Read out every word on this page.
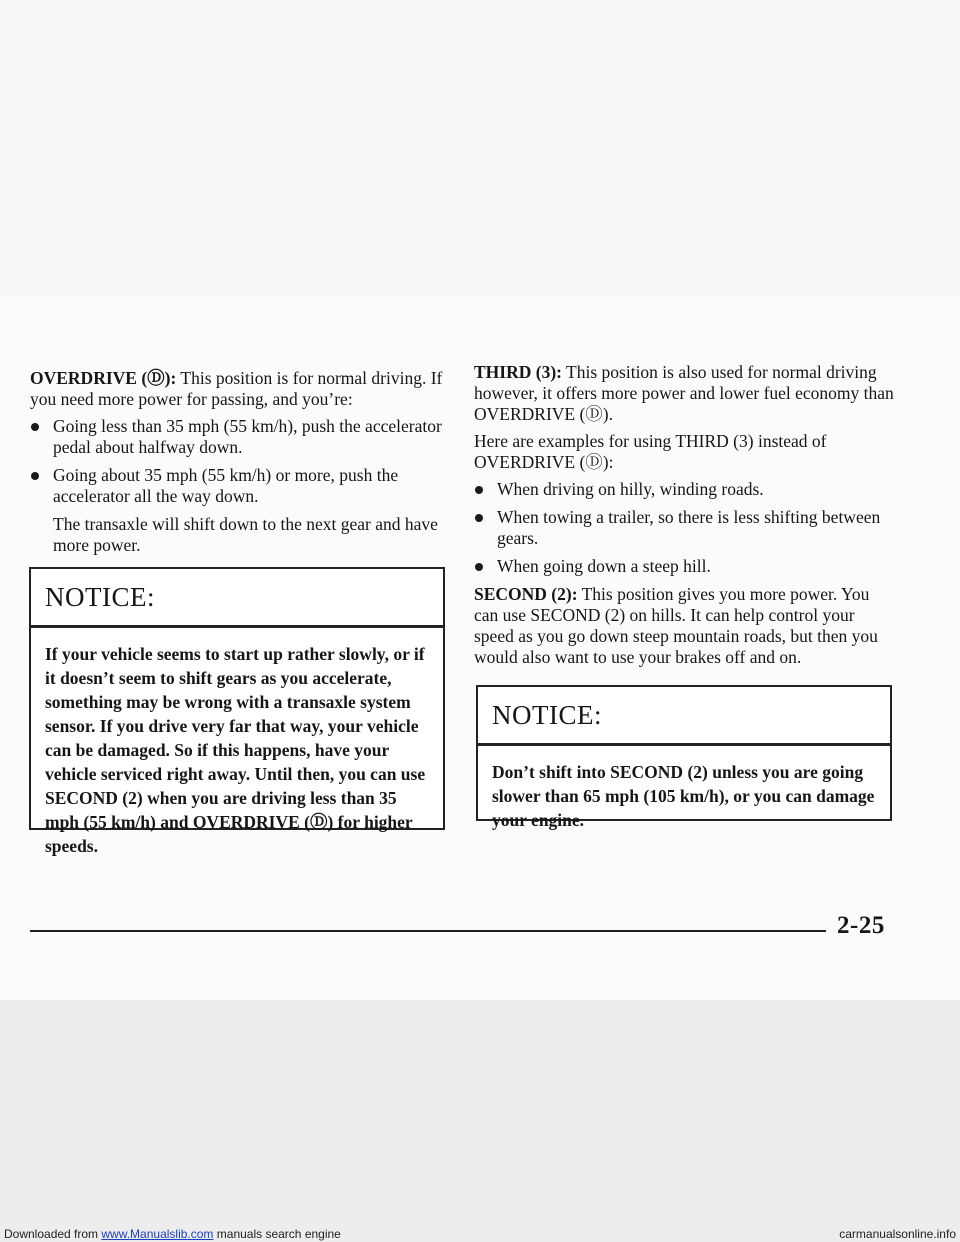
OVERDRIVE (Ⓓ): This position is for normal driving. If you need more power for passing, and you’re:

Going less than 35 mph (55 km/h), push the accelerator pedal about halfway down.
Going about 35 mph (55 km/h) or more, push the accelerator all the way down.

The transaxle will shift down to the next gear and have more power.

NOTICE:
If your vehicle seems to start up rather slowly, or if it doesn’t seem to shift gears as you accelerate, something may be wrong with a transaxle system sensor. If you drive very far that way, your vehicle can be damaged. So if this happens, have your vehicle serviced right away. Until then, you can use SECOND (2) when you are driving less than 35 mph (55 km/h) and OVERDRIVE (Ⓓ) for higher speeds.

THIRD (3): This position is also used for normal driving however, it offers more power and lower fuel economy than OVERDRIVE (Ⓓ).

Here are examples for using THIRD (3) instead of OVERDRIVE (Ⓓ):

When driving on hilly, winding roads.
When towing a trailer, so there is less shifting between gears.
When going down a steep hill.

SECOND (2): This position gives you more power. You can use SECOND (2) on hills. It can help control your speed as you go down steep mountain roads, but then you would also want to use your brakes off and on.

NOTICE:
Don’t shift into SECOND (2) unless you are going slower than 65 mph (105 km/h), or you can damage your engine.
2-25
Downloaded from www.Manualslib.com manuals search engine	carmanualsonline.info
